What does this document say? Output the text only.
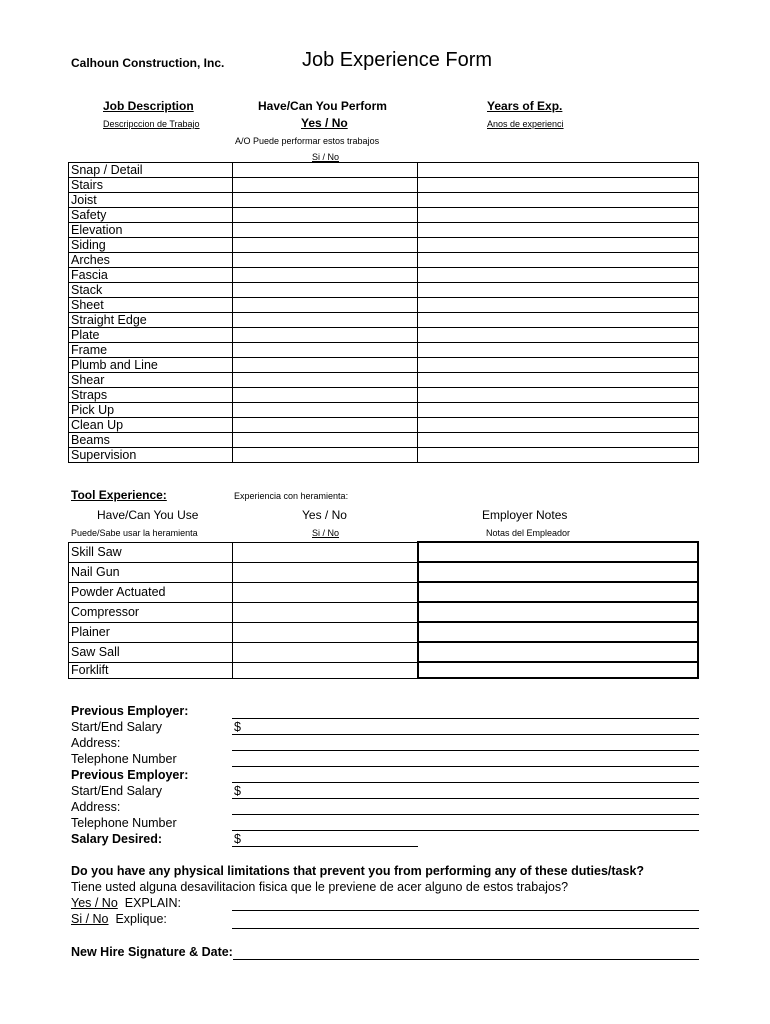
Calhoun Construction, Inc.	Job Experience Form
Job Description
Descripccion de Trabajo
Have/Can You Perform
Yes / No
A/O Puede performar estos trabajos
Si / No
Years of Exp.
Anos de experienci
Snap / Detail		
Stairs		
Joist		
Safety		
Elevation		
Siding		
Arches		
Fascia		
Stack		
Sheet		
Straight Edge		
Plate		
Frame		
Plumb and Line		
Shear		
Straps		
Pick Up		
Clean Up		
Beams		
Supervision		
Tool Experience:	Experiencia con heramienta:
Have/Can You Use
Puede/Sabe usar la heramienta
Yes / No
Si / No
Employer Notes
Notas del Empleador
Skill Saw		
Nail Gun		
Powder Actuated		
Compressor		
Plainer		
Saw Sall		
Forklift		
Previous Employer:
Start/End Salary	$
Address:
Telephone Number
Previous Employer:
Start/End Salary	$
Address:
Telephone Number
Salary Desired:	$
Do you have any physical limitations that prevent you from performing any of these duties/task?
Tiene usted alguna desavilitacion fisica que le previene de acer alguno de estos trabajos?
Yes / No EXPLAIN:
Si / No Explique:
New Hire Signature & Date:
